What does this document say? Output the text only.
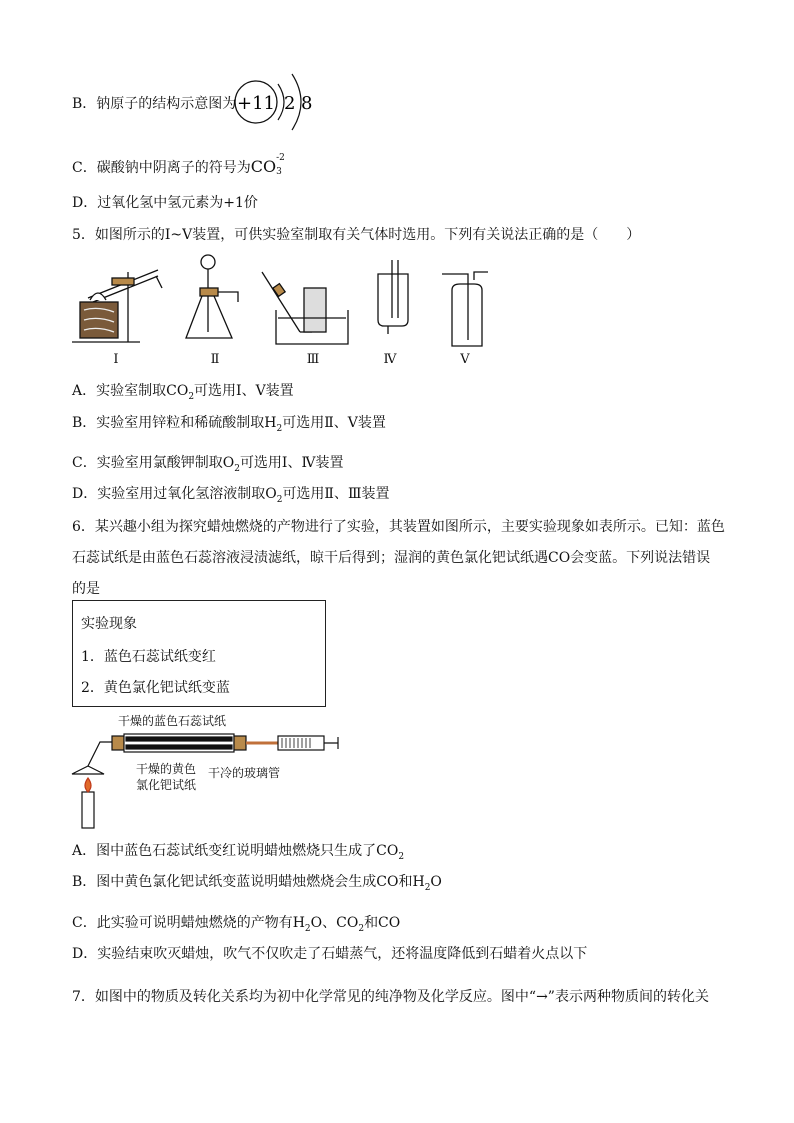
B．钠原子的结构示意图为 +11 2 8
C．碳酸钠中阴离子的符号为CO -2
3
D．过氧化氢中氢元素为+1价
5．如图所示的Ⅰ~Ⅴ装置，可供实验室制取有关气体时选用。下列有关说法正确的是（　　）
Ⅰ	Ⅱ	Ⅲ	Ⅳ	Ⅴ
A．实验室制取$CO_2$可选用Ⅰ、Ⅴ装置
B．实验室用锌粒和稀硫酸制取$H_2$可选用Ⅱ、Ⅴ装置
C．实验室用氯酸钾制取$O_2$可选用Ⅰ、Ⅳ装置
D．实验室用过氧化氢溶液制取$O_2$可选用Ⅱ、Ⅲ装置
6．某兴趣小组为探究蜡烛燃烧的产物进行了实验，其装置如图所示，主要实验现象如表所示。已知：蓝色
石蕊试纸是由蓝色石蕊溶液浸渍滤纸，晾干后得到；湿润的黄色氯化钯试纸遇CO会变蓝。下列说法错误
的是
实验现象
1．蓝色石蕊试纸变红
2．黄色氯化钯试纸变蓝
干燥的蓝色石蕊试纸
干燥的黄色
氯化钯试纸
干冷的玻璃管
A．图中蓝色石蕊试纸变红说明蜡烛燃烧只生成了$CO_2$
B．图中黄色氯化钯试纸变蓝说明蜡烛燃烧会生成CO和$H_2O$
C．此实验可说明蜡烛燃烧的产物有$H_2O$、$CO_2$和CO
D．实验结束吹灭蜡烛，吹气不仅吹走了石蜡蒸气，还将温度降低到石蜡着火点以下
7．如图中的物质及转化关系均为初中化学常见的纯净物及化学反应。图中“→”表示两种物质间的转化关
